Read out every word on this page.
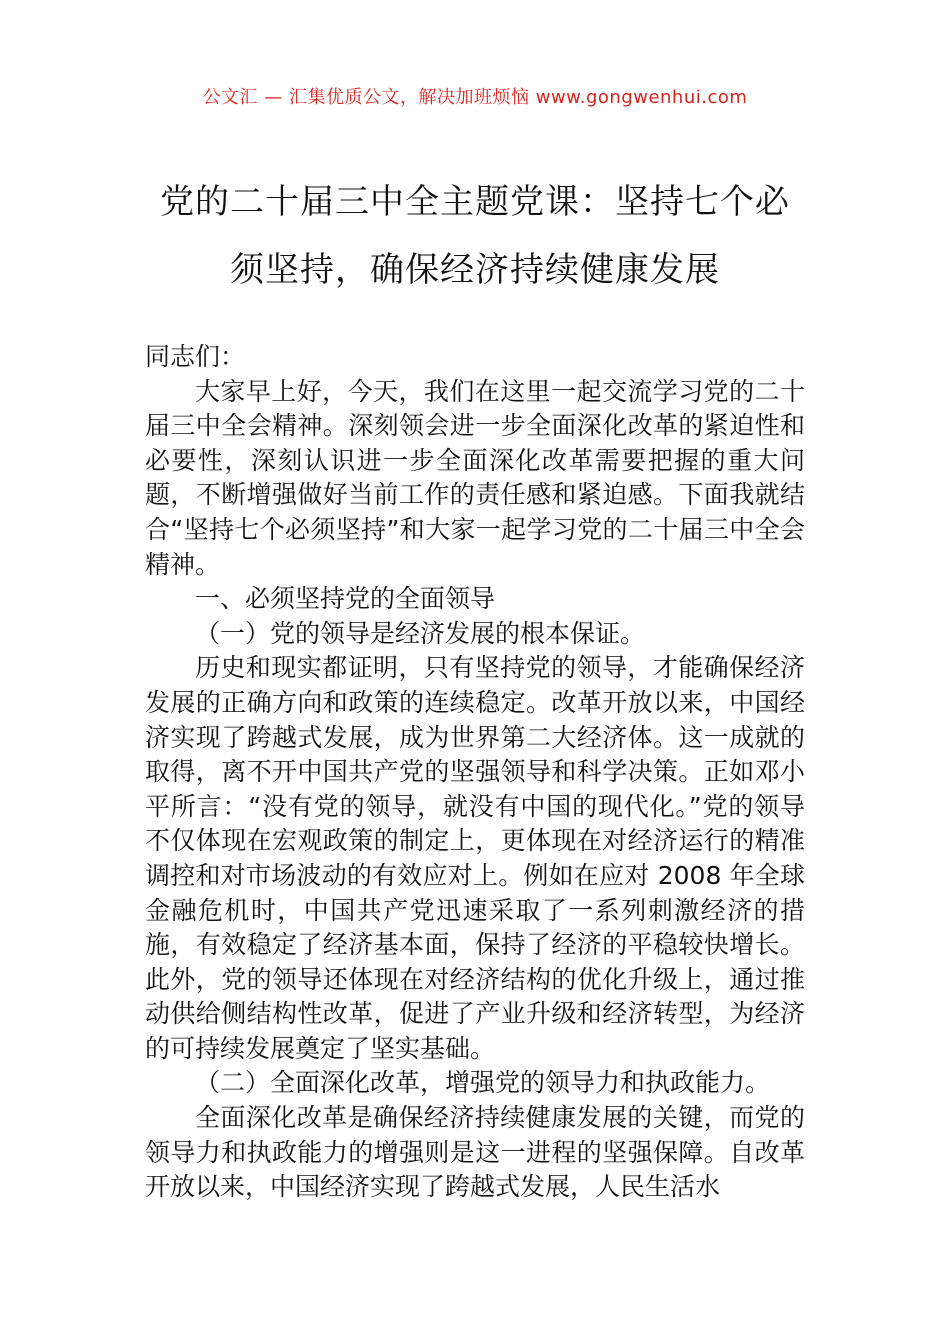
公文汇 — 汇集优质公文，解决加班烦恼 www.gongwenhui.com
党的二十届三中全主题党课：坚持七个必
须坚持，确保经济持续健康发展

同志们：

大家早上好，今天，我们在这里一起交流学习党的二十届三中全会精神。深刻领会进一步全面深化改革的紧迫性和必要性，深刻认识进一步全面深化改革需要把握的重大问题，不断增强做好当前工作的责任感和紧迫感。下面我就结合“坚持七个必须坚持”和大家一起学习党的二十届三中全会精神。

一、必须坚持党的全面领导

（一）党的领导是经济发展的根本保证。

历史和现实都证明，只有坚持党的领导，才能确保经济发展的正确方向和政策的连续稳定。改革开放以来，中国经济实现了跨越式发展，成为世界第二大经济体。这一成就的取得，离不开中国共产党的坚强领导和科学决策。正如邓小平所言：“没有党的领导，就没有中国的现代化。”党的领导不仅体现在宏观政策的制定上，更体现在对经济运行的精准调控和对市场波动的有效应对上。例如在应对 2008 年全球金融危机时，中国共产党迅速采取了一系列刺激经济的措施，有效稳定了经济基本面，保持了经济的平稳较快增长。此外，党的领导还体现在对经济结构的优化升级上，通过推动供给侧结构性改革，促进了产业升级和经济转型，为经济的可持续发展奠定了坚实基础。

（二）全面深化改革，增强党的领导力和执政能力。

全面深化改革是确保经济持续健康发展的关键，而党的领导力和执政能力的增强则是这一进程的坚强保障。自改革开放以来，中国经济实现了跨越式发展，人民生活水
